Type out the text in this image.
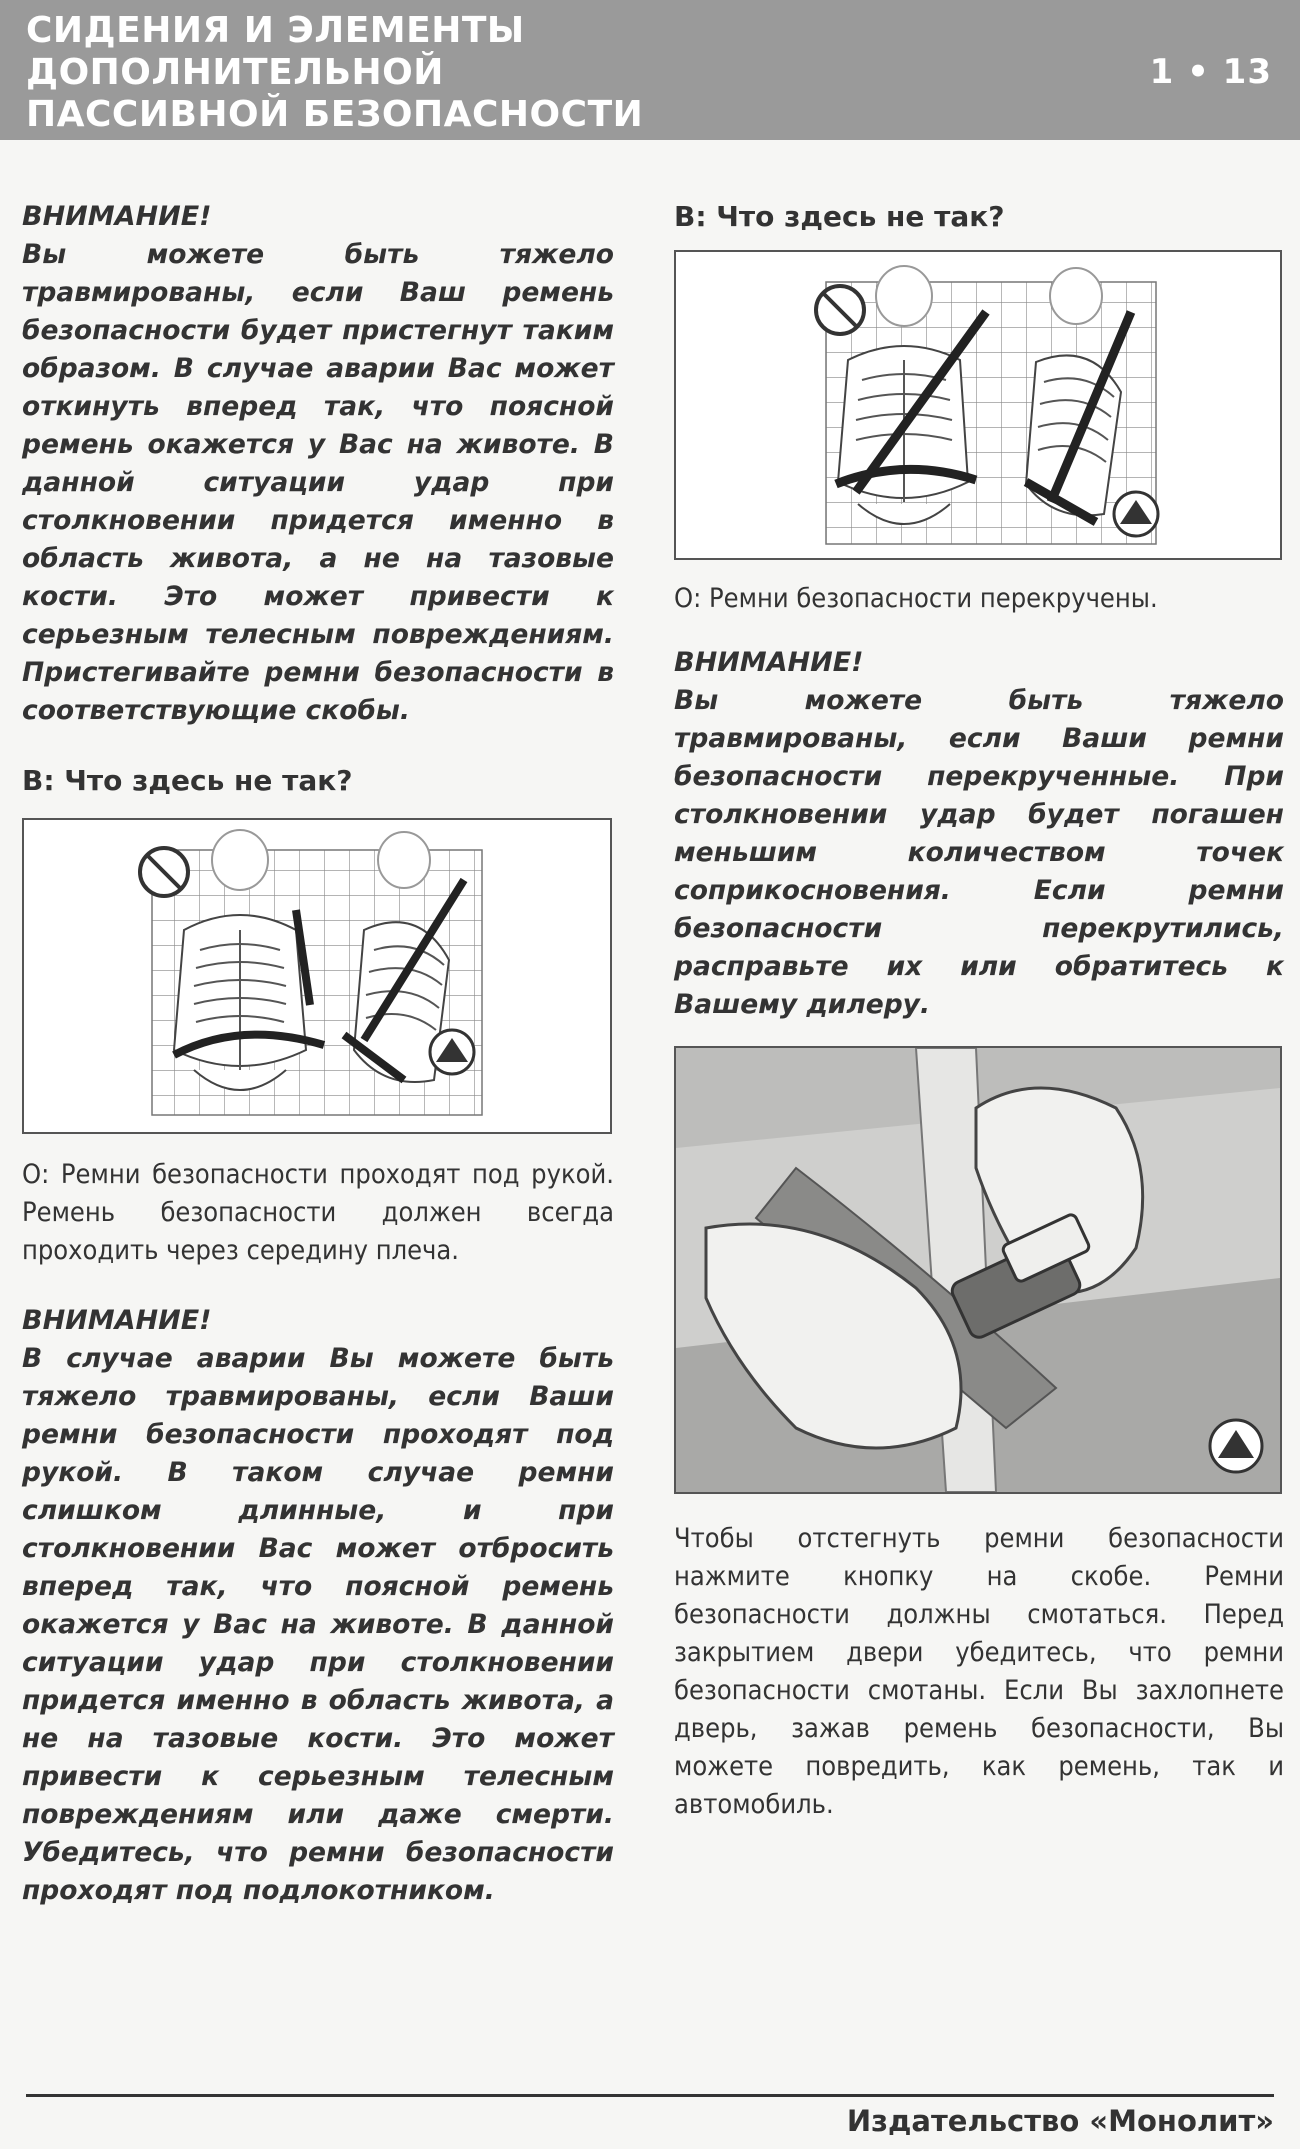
СИДЕНИЯ И ЭЛЕМЕНТЫ ДОПОЛНИТЕЛЬНОЙ
ПАССИВНОЙ БЕЗОПАСНОСТИ
1 • 13

ВНИМАНИЕ!

Вы можете быть тяжело травмированы, если Ваш ремень безопасности будет пристегнут таким образом. В случае аварии Вас может откинуть вперед так, что поясной ремень окажется у Вас на животе. В данной ситуации удар при столкновении придется именно в область живота, а не на тазовые кости. Это может привести к серьезным телесным повреждениям. Пристегивайте ремни безопасности в соответствующие скобы.

В: Что здесь не так?

О: Ремни безопасности проходят под рукой. Ремень безопасности должен всегда проходить через середину плеча.

ВНИМАНИЕ!

В случае аварии Вы можете быть тяжело травмированы, если Ваши ремни безопасности проходят под рукой. В таком случае ремни слишком длинные, и при столкновении Вас может отбросить вперед так, что поясной ремень окажется у Вас на животе. В данной ситуации удар при столкновении придется именно в область живота, а не на тазовые кости. Это может привести к серьезным телесным повреждениям или даже смерти. Убедитесь, что ремни безопасности проходят под подлокотником.

В: Что здесь не так?

О: Ремни безопасности перекручены.

ВНИМАНИЕ!

Вы можете быть тяжело травмированы, если Ваши ремни безопасности перекрученные. При столкновении удар будет погашен меньшим количеством точек соприкосновения. Если ремни безопасности перекрутились, расправьте их или обратитесь к Вашему дилеру.

Чтобы отстегнуть ремни безопасности нажмите кнопку на скобе. Ремни безопасности должны смотаться. Перед закрытием двери убедитесь, что ремни безопасности смотаны. Если Вы захлопнете дверь, зажав ремень безопасности, Вы можете повредить, как ремень, так и автомобиль.

Издательство «Монолит»
